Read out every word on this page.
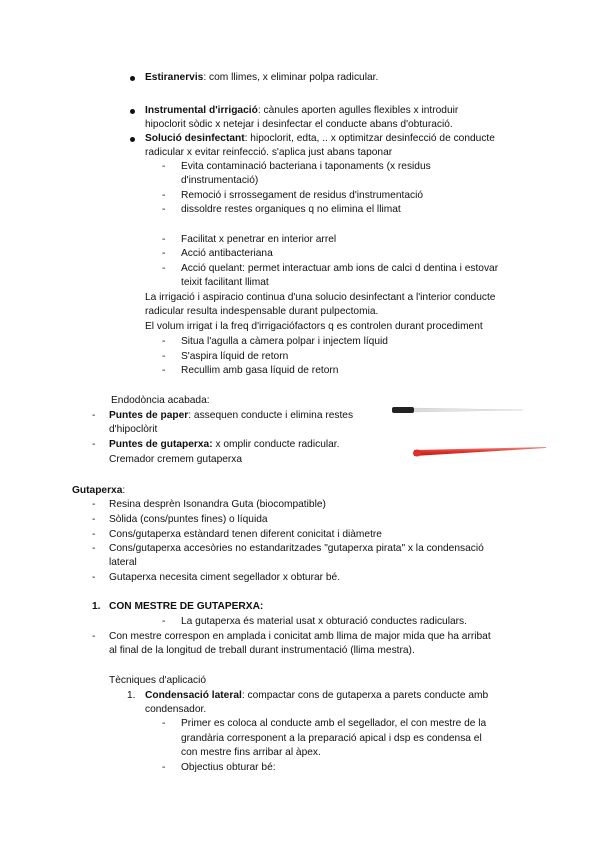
Estiranervis: com llimes, x eliminar polpa radicular.
Instrumental d'irrigació: cànules aporten agulles flexibles x introduir
hipoclorit sòdic x netejar i desinfectar el conducte abans d'obturació.
Solució desinfectant: hipoclorit, edta, .. x optimitzar desinfecció de conducte
radicular x evitar reinfecció. s'aplica just abans taponar
- Evita contaminació bacteriana i taponaments (x residus
d'instrumentació)
- Remoció i srrossegament de residus d'instrumentació
- dissoldre restes organiques q no elimina el llimat
- Facilitat x penetrar en interior arrel
- Acció antibacteriana
- Acció quelant: permet interactuar amb ions de calci d dentina i estovar
teixit facilitant llimat
La irrigació i aspiracio continua d'una solucio desinfectant a l'interior conducte
radicular resulta indespensable durant pulpectomia.
El volum irrigat i la freq d'irrigaciófactors q es controlen durant procediment
- Situa l'agulla a càmera polpar i injectem líquid
- S'aspira líquid de retorn
- Recullim amb gasa líquid de retorn
Endodòncia acabada:
- Puntes de paper: assequen conducte i elimina restes
d'hipoclòrit
- Puntes de gutaperxa: x omplir conducte radicular.
Cremador cremem gutaperxa
Gutaperxa:
- Resina desprèn Isonandra Guta (biocompatible)
- Sòlida (cons/puntes fines) o líquida
- Cons/gutaperxa estàndard tenen diferent conicitat i diàmetre
- Cons/gutaperxa accesòries no estandaritzades "gutaperxa pirata" x la condensació
lateral
- Gutaperxa necesita ciment segellador x obturar bé.
1. CON MESTRE DE GUTAPERXA:
- La gutaperxa és material usat x obturació conductes radiculars.
- Con mestre correspon en amplada i conicitat amb llima de major mida que ha arribat
al final de la longitud de treball durant instrumentació (llima mestra).
Tècniques d'aplicació
1. Condensació lateral: compactar cons de gutaperxa a parets conducte amb
condensador.
- Primer es coloca al conducte amb el segellador, el con mestre de la
grandària corresponent a la preparació apical i dsp es condensa el
con mestre fins arribar al àpex.
- Objectius obturar bé:
